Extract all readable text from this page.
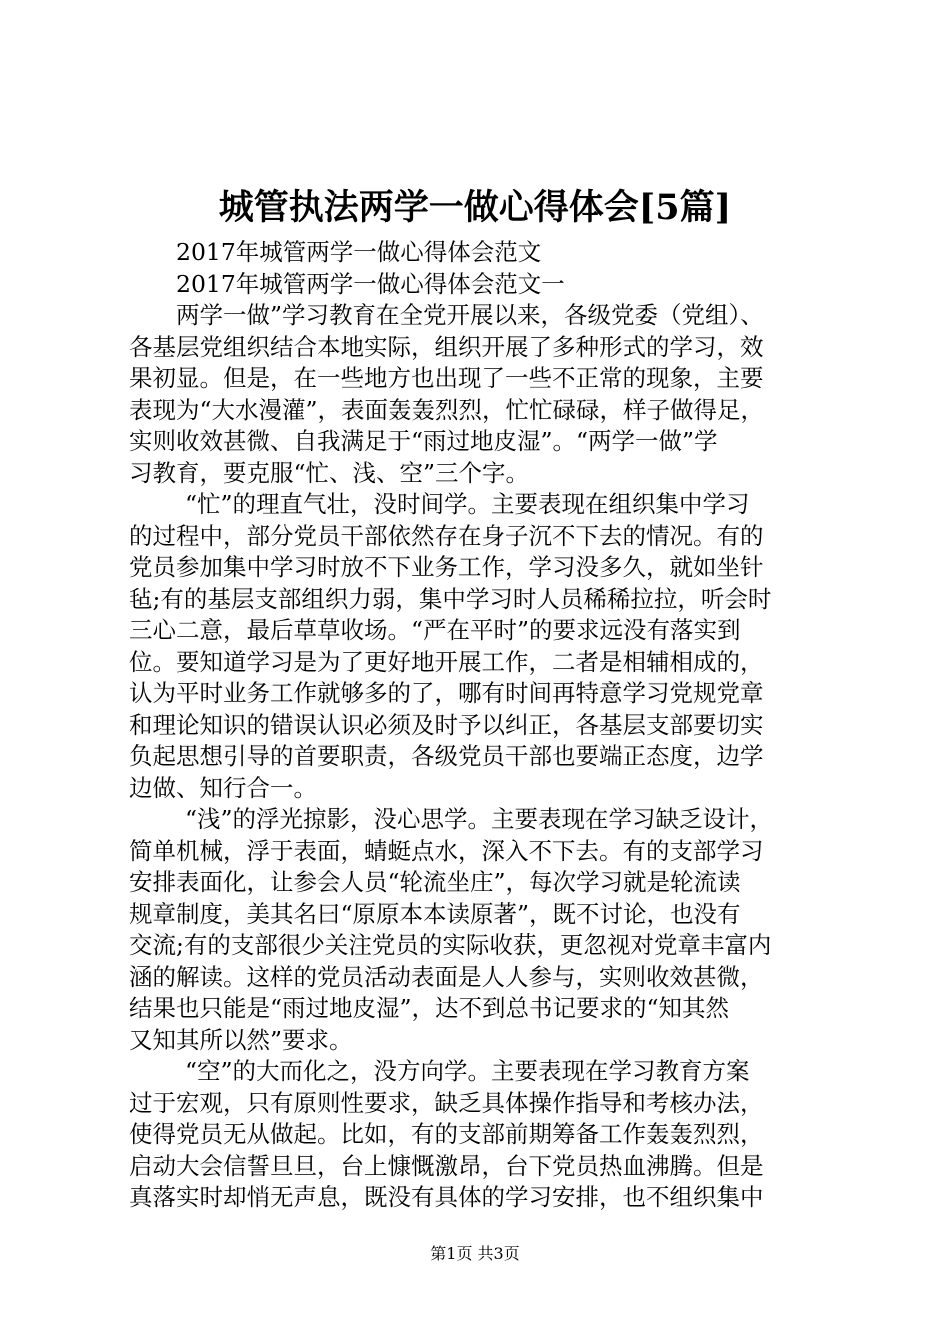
城管执法两学一做心得体会[5篇]
2017年城管两学一做心得体会范文
2017年城管两学一做心得体会范文一
两学一做”学习教育在全党开展以来，各级党委（党组）、
各基层党组织结合本地实际，组织开展了多种形式的学习，效
果初显。但是，在一些地方也出现了一些不正常的现象，主要
表现为“大水漫灌”，表面轰轰烈烈，忙忙碌碌，样子做得足，
实则收效甚微、自我满足于“雨过地皮湿”。“两学一做”学
习教育，要克服“忙、浅、空”三个字。
“忙”的理直气壮，没时间学。主要表现在组织集中学习
的过程中，部分党员干部依然存在身子沉不下去的情况。有的
党员参加集中学习时放不下业务工作，学习没多久，就如坐针
毡;有的基层支部组织力弱，集中学习时人员稀稀拉拉，听会时
三心二意，最后草草收场。“严在平时”的要求远没有落实到
位。要知道学习是为了更好地开展工作，二者是相辅相成的，
认为平时业务工作就够多的了，哪有时间再特意学习党规党章
和理论知识的错误认识必须及时予以纠正，各基层支部要切实
负起思想引导的首要职责，各级党员干部也要端正态度，边学
边做、知行合一。
“浅”的浮光掠影，没心思学。主要表现在学习缺乏设计，
简单机械，浮于表面，蜻蜓点水，深入不下去。有的支部学习
安排表面化，让参会人员“轮流坐庄”，每次学习就是轮流读
规章制度，美其名曰“原原本本读原著”，既不讨论，也没有
交流;有的支部很少关注党员的实际收获，更忽视对党章丰富内
涵的解读。这样的党员活动表面是人人参与，实则收效甚微，
结果也只能是“雨过地皮湿”，达不到总书记要求的“知其然
又知其所以然”要求。
“空”的大而化之，没方向学。主要表现在学习教育方案
过于宏观，只有原则性要求，缺乏具体操作指导和考核办法，
使得党员无从做起。比如，有的支部前期筹备工作轰轰烈烈，
启动大会信誓旦旦，台上慷慨激昂，台下党员热血沸腾。但是
真落实时却悄无声息，既没有具体的学习安排，也不组织集中
第1页 共3页
